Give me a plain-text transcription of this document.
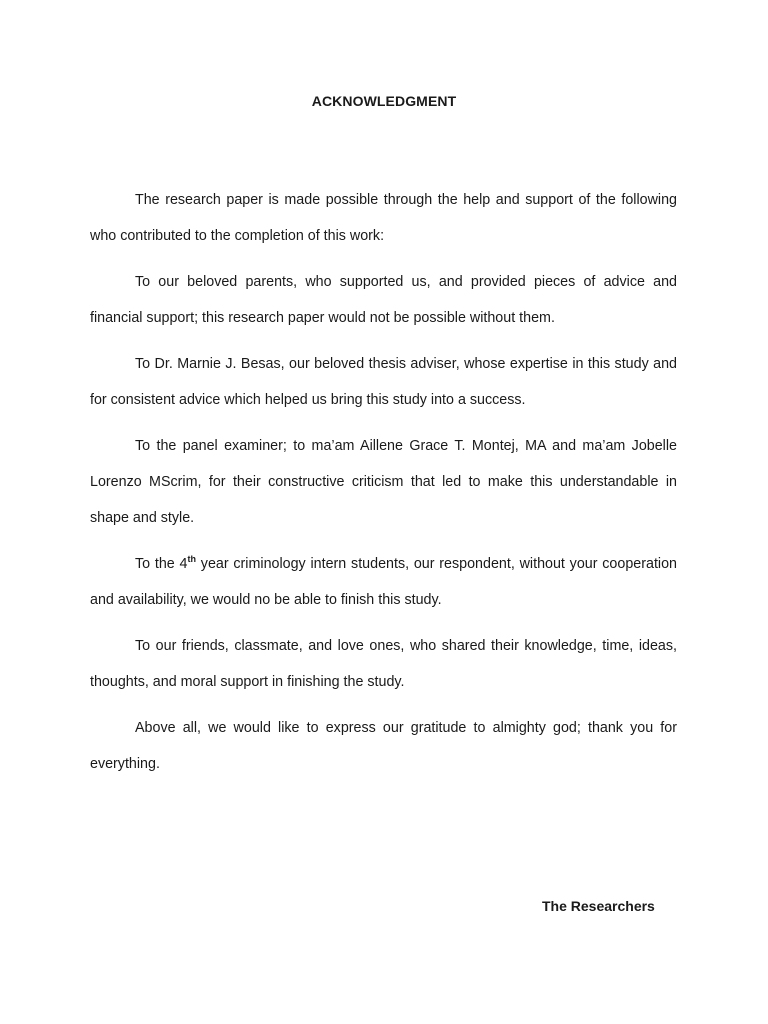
ACKNOWLEDGMENT

The research paper is made possible through the help and support of the following who contributed to the completion of this work:

To our beloved parents, who supported us, and provided pieces of advice and financial support; this research paper would not be possible without them.

To Dr. Marnie J. Besas, our beloved thesis adviser, whose expertise in this study and for consistent advice which helped us bring this study into a success.

To the panel examiner; to ma’am Aillene Grace T. Montej, MA and ma’am Jobelle Lorenzo MScrim, for their constructive criticism that led to make this understandable in shape and style.

To the 4th year criminology intern students, our respondent, without your cooperation and availability, we would no be able to finish this study.

To our friends, classmate, and love ones, who shared their knowledge, time, ideas, thoughts, and moral support in finishing the study.

Above all, we would like to express our gratitude to almighty god; thank you for everything.

The Researchers
